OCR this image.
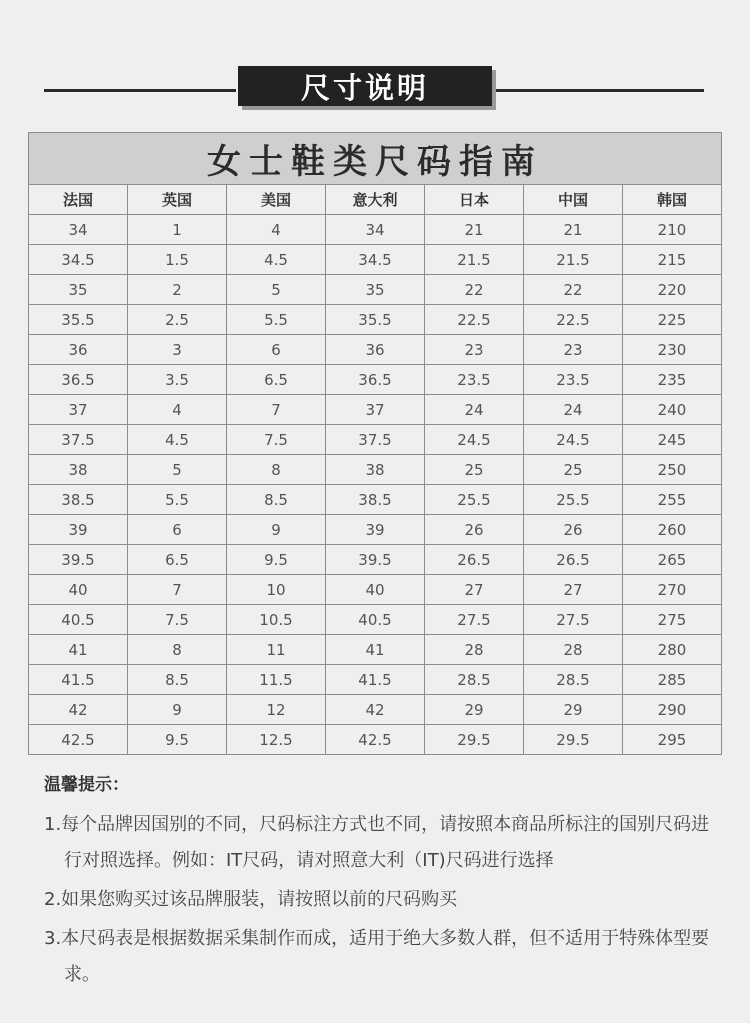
尺寸说明
女士鞋类尺码指南						
法国	英国	美国	意大利	日本	中国	韩国
34	1	4	34	21	21	210
34.5	1.5	4.5	34.5	21.5	21.5	215
35	2	5	35	22	22	220
35.5	2.5	5.5	35.5	22.5	22.5	225
36	3	6	36	23	23	230
36.5	3.5	6.5	36.5	23.5	23.5	235
37	4	7	37	24	24	240
37.5	4.5	7.5	37.5	24.5	24.5	245
38	5	8	38	25	25	250
38.5	5.5	8.5	38.5	25.5	25.5	255
39	6	9	39	26	26	260
39.5	6.5	9.5	39.5	26.5	26.5	265
40	7	10	40	27	27	270
40.5	7.5	10.5	40.5	27.5	27.5	275
41	8	11	41	28	28	280
41.5	8.5	11.5	41.5	28.5	28.5	285
42	9	12	42	29	29	290
42.5	9.5	12.5	42.5	29.5	29.5	295
温馨提示：
1.每个品牌因国别的不同，尺码标注方式也不同，请按照本商品所标注的国别尺码进行对照选择。例如：IT尺码，请对照意大利（IT)尺码进行选择
2.如果您购买过该品牌服装，请按照以前的尺码购买
3.本尺码表是根据数据采集制作而成，适用于绝大多数人群，但不适用于特殊体型要求。
